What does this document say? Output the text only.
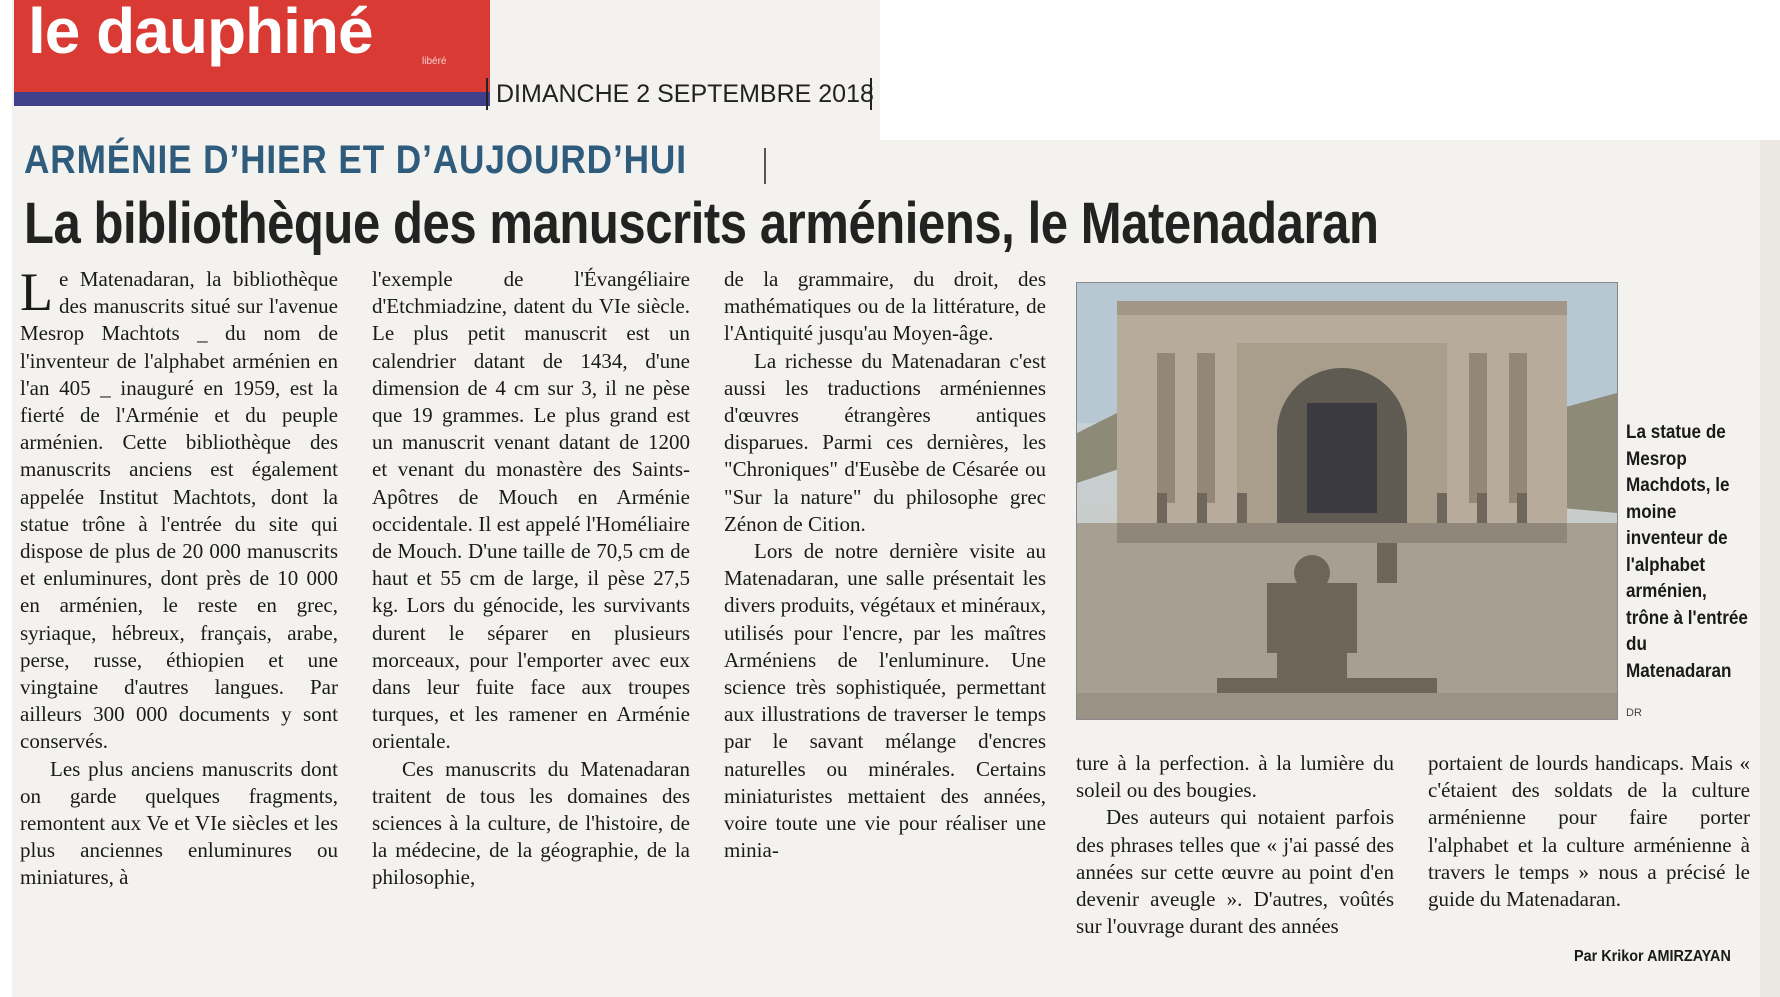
le dauphiné	libéré
DIMANCHE 2 SEPTEMBRE 2018
ARMÉNIE D’HIER ET D’AUJOURD’HUI
La bibliothèque des manuscrits arméniens, le Matenadaran

Le Matenadaran, la bibliothèque des manuscrits situé sur l'avenue Mesrop Machtots _ du nom de l'inventeur de l'alphabet arménien en l'an 405 _ inauguré en 1959, est la fierté de l'Arménie et du peuple arménien. Cette bibliothèque des manuscrits anciens est également appelée Institut Machtots, dont la statue trône à l'entrée du site qui dispose de plus de 20 000 manuscrits et enluminures, dont près de 10 000 en arménien, le reste en grec, syriaque, hébreux, français, arabe, perse, russe, éthiopien et une vingtaine d'autres langues. Par ailleurs 300 000 documents y sont conservés.

Les plus anciens manuscrits dont on garde quelques fragments, remontent aux Ve et VIe siècles et les plus anciennes enluminures ou miniatures, à

l'exemple de l'Évangéliaire d'Etchmiadzine, datent du VIe siècle. Le plus petit manuscrit est un calendrier datant de 1434, d'une dimension de 4 cm sur 3, il ne pèse que 19 grammes. Le plus grand est un manuscrit venant datant de 1200 et venant du monastère des Saints-Apôtres de Mouch en Arménie occidentale. Il est appelé l'Homéliaire de Mouch. D'une taille de 70,5 cm de haut et 55 cm de large, il pèse 27,5 kg. Lors du génocide, les survivants durent le séparer en plusieurs morceaux, pour l'emporter avec eux dans leur fuite face aux troupes turques, et les ramener en Arménie orientale.

Ces manuscrits du Matenadaran traitent de tous les domaines des sciences à la culture, de l'histoire, de la médecine, de la géographie, de la philosophie,

de la grammaire, du droit, des mathématiques ou de la littérature, de l'Antiquité jusqu'au Moyen-âge.

La richesse du Matenadaran c'est aussi les traductions arméniennes d'œuvres étrangères antiques disparues. Parmi ces dernières, les "Chroniques" d'Eusèbe de Césarée ou "Sur la nature" du philosophe grec Zénon de Cition.

Lors de notre dernière visite au Matenadaran, une salle présentait les divers produits, végétaux et minéraux, utilisés pour l'encre, par les maîtres Arméniens de l'enluminure. Une science très sophistiquée, permettant aux illustrations de traverser le temps par le savant mélange d'encres naturelles ou minérales. Certains miniaturistes mettaient des années, voire toute une vie pour réaliser une minia-

La statue de Mesrop Machdots, le moine inventeur de l'alphabet arménien, trône à l'entrée du Matenadaran
DR

ture à la perfection. à la lumière du soleil ou des bougies.

Des auteurs qui notaient parfois des phrases telles que « j'ai passé des années sur cette œuvre au point d'en devenir aveugle ». D'autres, voûtés sur l'ouvrage durant des années

portaient de lourds handicaps. Mais « c'étaient des soldats de la culture arménienne pour faire porter l'alphabet et la culture arménienne à travers le temps » nous a précisé le guide du Matenadaran.

Par Krikor AMIRZAYAN
